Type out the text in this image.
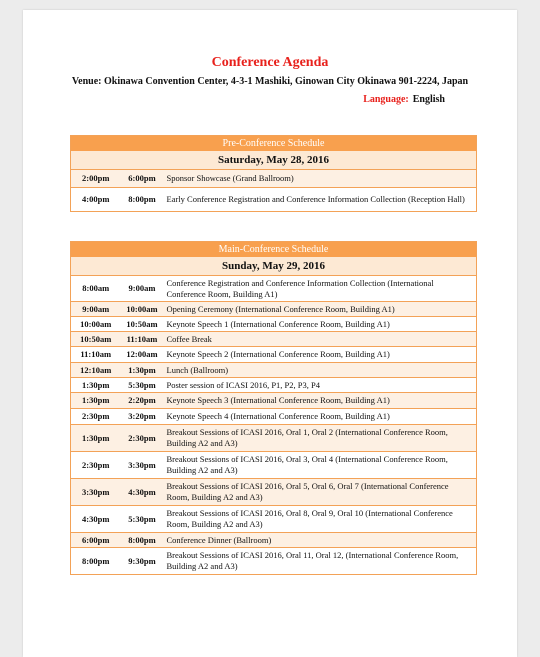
Conference Agenda
Venue: Okinawa Convention Center, 4-3-1 Mashiki, Ginowan City Okinawa 901-2224, Japan
Language: English
Pre-Conference Schedule		
Saturday, May 28, 2016		
2:00pm	6:00pm	Sponsor Showcase (Grand Ballroom)
4:00pm	8:00pm	Early Conference Registration and Conference Information Collection (Reception Hall)
Main-Conference Schedule		
Sunday, May 29, 2016		
8:00am	9:00am	Conference Registration and Conference Information Collection (International Conference Room, Building A1)
9:00am	10:00am	Opening Ceremony (International Conference Room, Building A1)
10:00am	10:50am	Keynote Speech 1 (International Conference Room, Building A1)
10:50am	11:10am	Coffee Break
11:10am	12:00am	Keynote Speech 2 (International Conference Room, Building A1)
12:10am	1:30pm	Lunch (Ballroom)
1:30pm	5:30pm	Poster session of ICASI 2016, P1, P2, P3, P4
1:30pm	2:20pm	Keynote Speech 3 (International Conference Room, Building A1)
2:30pm	3:20pm	Keynote Speech 4 (International Conference Room, Building A1)
1:30pm	2:30pm	Breakout Sessions of ICASI 2016, Oral 1, Oral 2 (International Conference Room, Building A2 and A3)
2:30pm	3:30pm	Breakout Sessions of ICASI 2016, Oral 3, Oral 4 (International Conference Room, Building A2 and A3)
3:30pm	4:30pm	Breakout Sessions of ICASI 2016, Oral 5, Oral 6, Oral 7 (International Conference Room, Building A2 and A3)
4:30pm	5:30pm	Breakout Sessions of ICASI 2016, Oral 8, Oral 9, Oral 10 (International Conference Room, Building A2 and A3)
6:00pm	8:00pm	Conference Dinner (Ballroom)
8:00pm	9:30pm	Breakout Sessions of ICASI 2016, Oral 11, Oral 12, (International Conference Room, Building A2 and A3)
